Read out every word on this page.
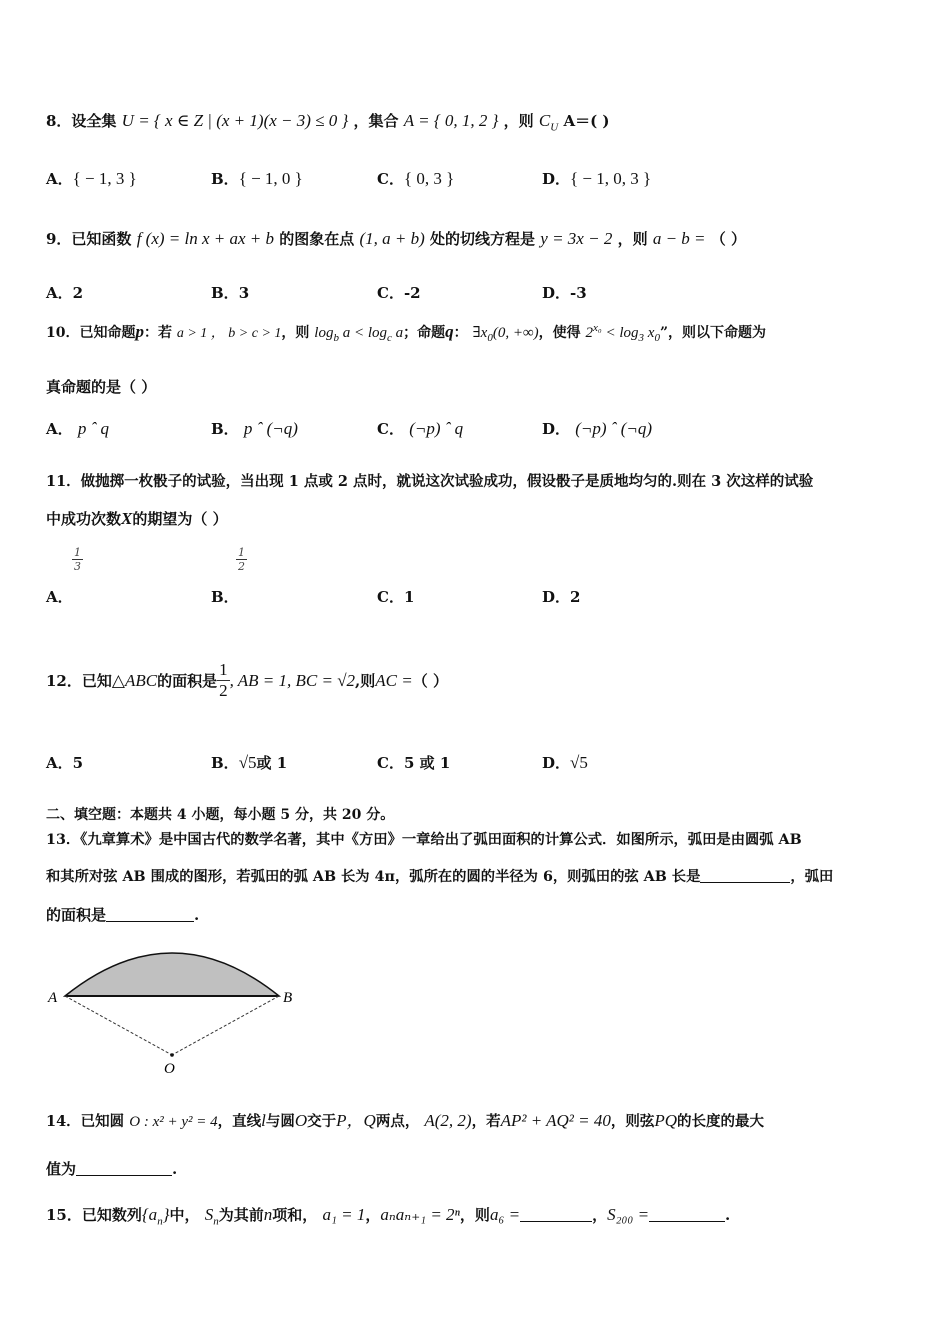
8．设全集 U = { x ∈ Z | (x + 1)(x − 3) ≤ 0 } ，集合 A = { 0, 1, 2 } ，则 $C_U$ A＝( )
A．{ − 1, 3 }	B．{ − 1, 0 }	C．{ 0, 3 }	D．{ − 1, 0, 3 }
9．已知函数 f (x) = ln x + ax + b 的图象在点 (1, a + b) 处的切线方程是 y = 3x − 2 ，则 a − b = （ ）
A．2	B．3	C．-2	D．-3
10．已知命题p：若 a > 1 ， b > c > 1，则 $\log_b a < \log_c a$；命题q： $\exists x_0(0$, +∞)，使得 $2^{x_0} < \log_3 x_0$”，则以下命题为
真命题的是（ ）
A． p ˆ q	B． p ˆ (¬q)	C． (¬p) ˆ q	D． (¬p) ˆ (¬q)
11．做抛掷一枚骰子的试验，当出现 1 点或 2 点时，就说这次试验成功，假设骰子是质地均匀的.则在 3 次这样的试验
中成功次数X的期望为（ ）
$\frac{1}{3}$	$\frac{1}{2}$
A．	B．	C．1	D．2
12．已知 △ABC 的面积是 $\frac{1}{2}$ , AB = 1, BC = √2 ,则 AC = （ ）
A．5	B．√5或 1	C．5 或 1	D．√5
二、填空题：本题共 4 小题，每小题 5 分，共 20 分。
13．《九章算术》是中国古代的数学名著，其中《方田》一章给出了弧田面积的计算公式．如图所示，弧田是由圆弧 AB
和其所对弦 AB 围成的图形，若弧田的弧 AB 长为 4π，弧所在的圆的半径为 6，则弧田的弦 AB 长是	，弧田
的面积是	.
A	B
O
14．已知圆 O : x² + y² = 4，直线l与圆O交于P，Q两点， A(2, 2)，若AP² + AQ² = 40，则弦PQ的长度的最大
值为	.
15．已知数列$\{a_n\}$中， $S_n$为其前n项和， a₁ = 1，aₙaₙ₊₁ = 2ⁿ，则a₆ =	，S₂₀₀ =	.
